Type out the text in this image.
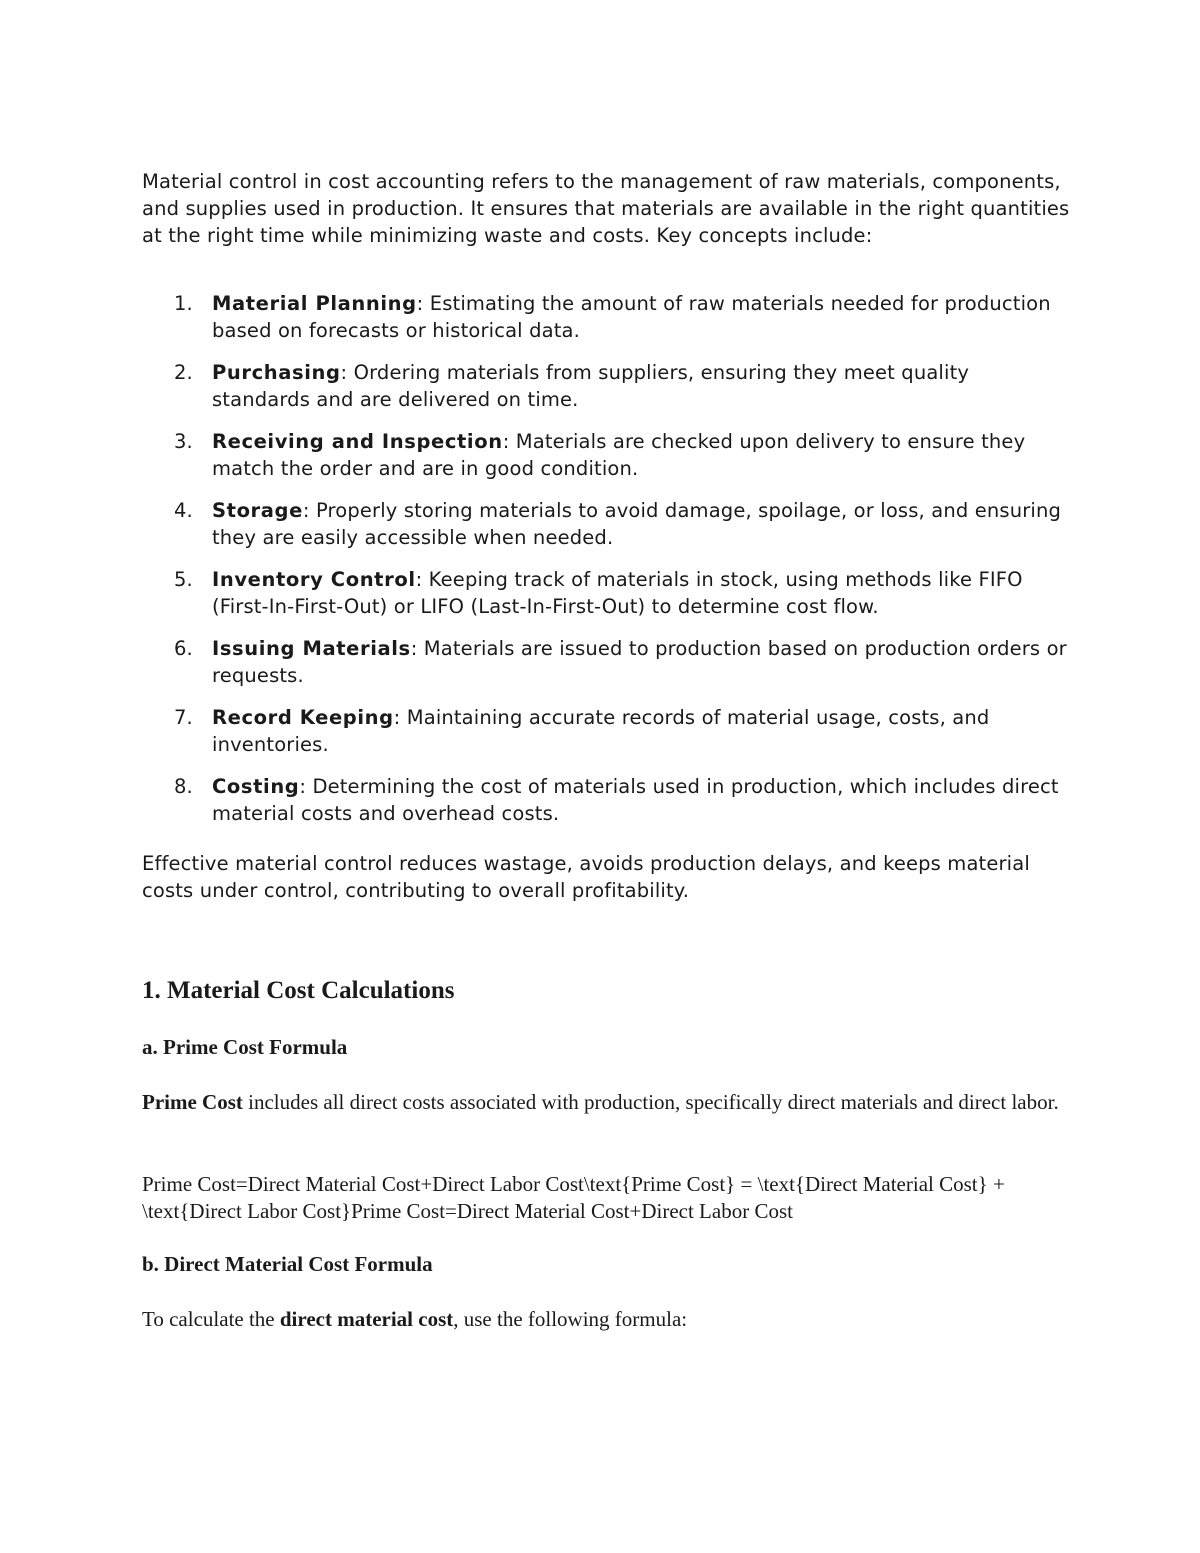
Material control in cost accounting refers to the management of raw materials, components, and supplies used in production. It ensures that materials are available in the right quantities at the right time while minimizing waste and costs. Key concepts include:

1. Material Planning: Estimating the amount of raw materials needed for production based on forecasts or historical data.
2. Purchasing: Ordering materials from suppliers, ensuring they meet quality standards and are delivered on time.
3. Receiving and Inspection: Materials are checked upon delivery to ensure they match the order and are in good condition.
4. Storage: Properly storing materials to avoid damage, spoilage, or loss, and ensuring they are easily accessible when needed.
5. Inventory Control: Keeping track of materials in stock, using methods like FIFO (First-In-First-Out) or LIFO (Last-In-First-Out) to determine cost flow.
6. Issuing Materials: Materials are issued to production based on production orders or requests.
7. Record Keeping: Maintaining accurate records of material usage, costs, and inventories.
8. Costing: Determining the cost of materials used in production, which includes direct material costs and overhead costs.

Effective material control reduces wastage, avoids production delays, and keeps material costs under control, contributing to overall profitability.

1. Material Cost Calculations
a. Prime Cost Formula

Prime Cost includes all direct costs associated with production, specifically direct materials and direct labor.

Prime Cost=Direct Material Cost+Direct Labor Cost\text{Prime Cost} = \text{Direct Material Cost} + \text{Direct Labor Cost}Prime Cost=Direct Material Cost+Direct Labor Cost

b. Direct Material Cost Formula

To calculate the direct material cost, use the following formula:
